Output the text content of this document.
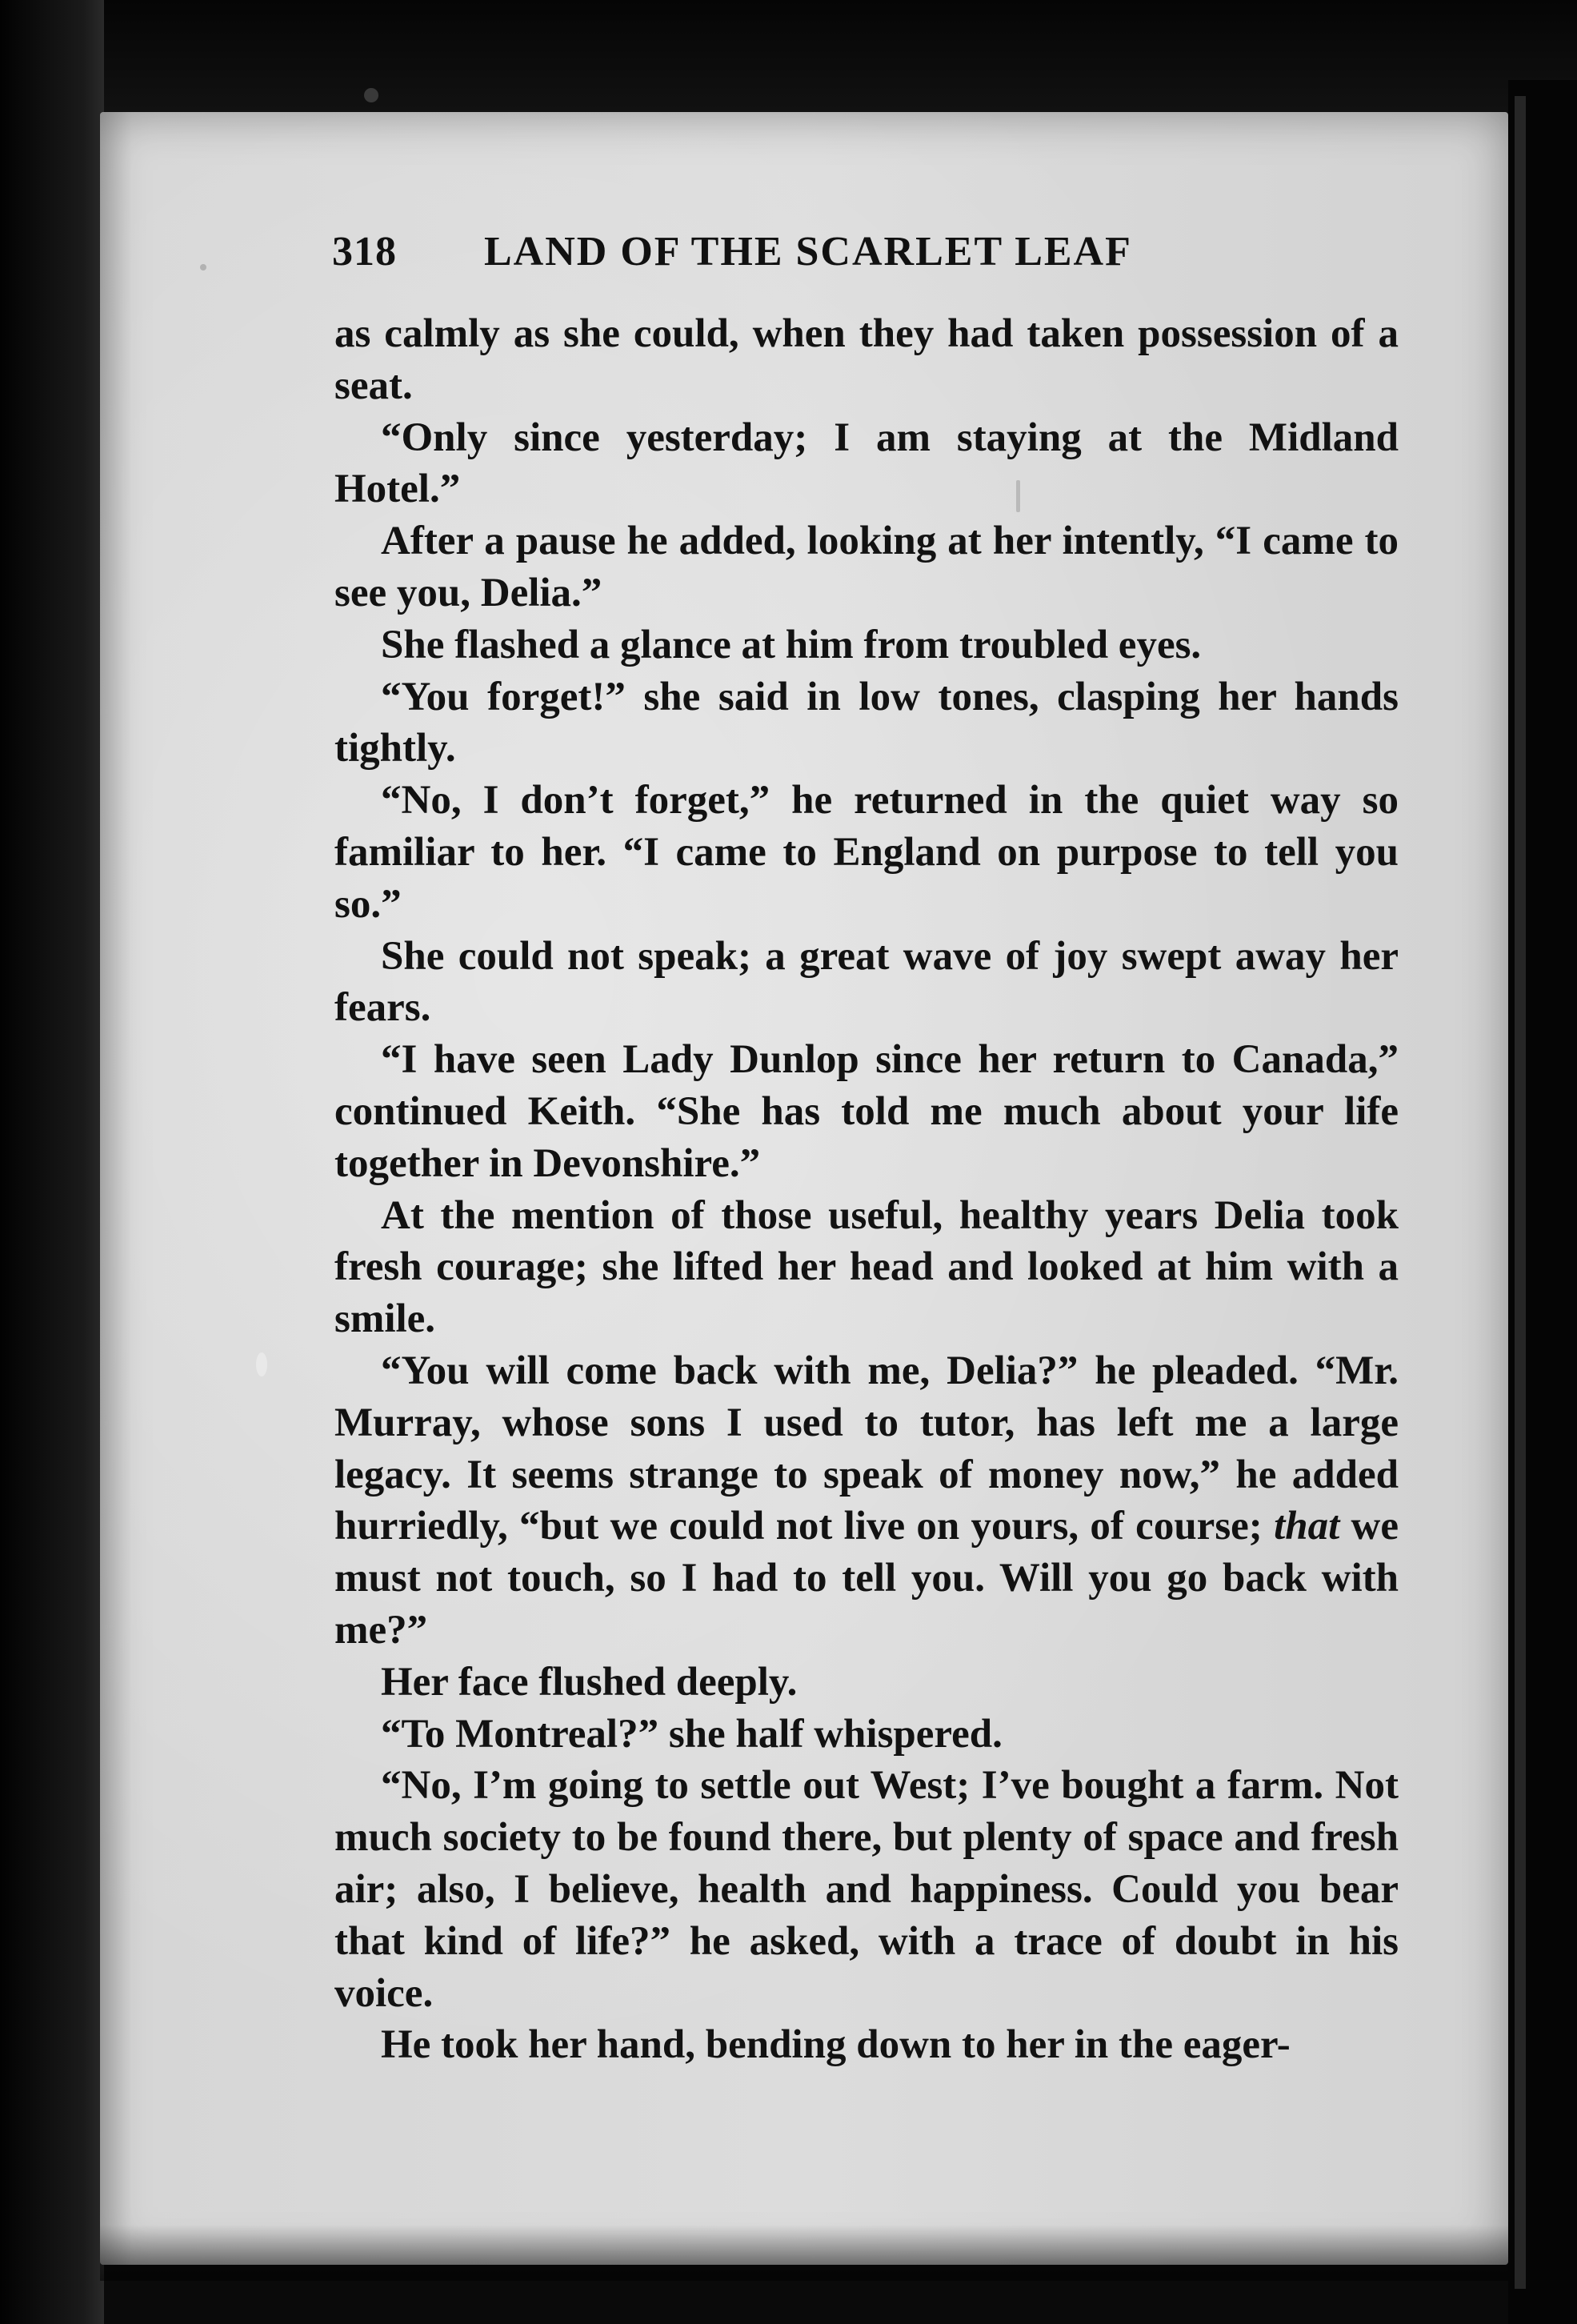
318 LAND OF THE SCARLET LEAF

as calmly as she could, when they had taken possession of a seat.

“Only since yesterday; I am staying at the Midland Hotel.”

After a pause he added, looking at her intently, “I came to see you, Delia.”

She flashed a glance at him from troubled eyes.

“You forget!” she said in low tones, clasping her hands tightly.

“No, I don’t forget,” he returned in the quiet way so familiar to her. “I came to England on purpose to tell you so.”

She could not speak; a great wave of joy swept away her fears.

“I have seen Lady Dunlop since her return to Canada,” continued Keith. “She has told me much about your life together in Devonshire.”

At the mention of those useful, healthy years Delia took fresh courage; she lifted her head and looked at him with a smile.

“You will come back with me, Delia?” he pleaded. “Mr. Murray, whose sons I used to tutor, has left me a large legacy. It seems strange to speak of money now,” he added hurriedly, “but we could not live on yours, of course; that we must not touch, so I had to tell you. Will you go back with me?”

Her face flushed deeply.

“To Montreal?” she half whispered.

“No, I’m going to settle out West; I’ve bought a farm. Not much society to be found there, but plenty of space and fresh air; also, I believe, health and happiness. Could you bear that kind of life?” he asked, with a trace of doubt in his voice.

He took her hand, bending down to her in the eager-
